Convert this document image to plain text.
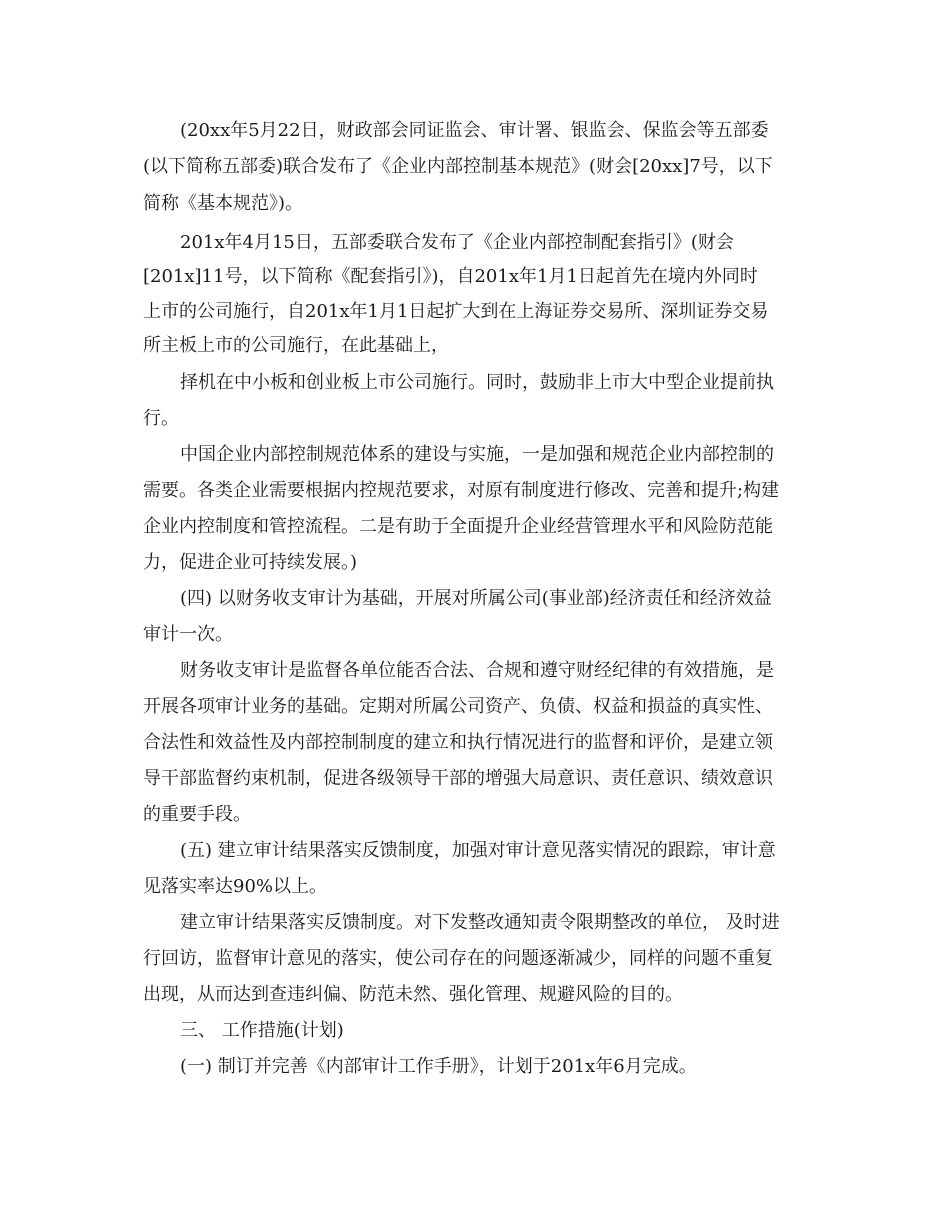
(20xx年5月22日，财政部会同证监会、审计署、银监会、保监会等五部委
(以下简称五部委)联合发布了《企业内部控制基本规范》(财会[20xx]7号，以下
简称《基本规范》)。
201x年4月15日，五部委联合发布了《企业内部控制配套指引》(财会
[201x]11号，以下简称《配套指引》)，自201x年1月1日起首先在境内外同时
上市的公司施行，自201x年1月1日起扩大到在上海证券交易所、深圳证券交易
所主板上市的公司施行，在此基础上，
择机在中小板和创业板上市公司施行。同时，鼓励非上市大中型企业提前执
行。
中国企业内部控制规范体系的建设与实施，一是加强和规范企业内部控制的
需要。各类企业需要根据内控规范要求，对原有制度进行修改、完善和提升;构建
企业内控制度和管控流程。二是有助于全面提升企业经营管理水平和风险防范能
力，促进企业可持续发展。)
(四) 以财务收支审计为基础，开展对所属公司(事业部)经济责任和经济效益
审计一次。
财务收支审计是监督各单位能否合法、合规和遵守财经纪律的有效措施，是
开展各项审计业务的基础。定期对所属公司资产、负债、权益和损益的真实性、
合法性和效益性及内部控制制度的建立和执行情况进行的监督和评价，是建立领
导干部监督约束机制，促进各级领导干部的增强大局意识、责任意识、绩效意识
的重要手段。
(五) 建立审计结果落实反馈制度，加强对审计意见落实情况的跟踪，审计意
见落实率达90%以上。
建立审计结果落实反馈制度。对下发整改通知责令限期整改的单位， 及时进
行回访，监督审计意见的落实，使公司存在的问题逐渐减少，同样的问题不重复
出现，从而达到查违纠偏、防范未然、强化管理、规避风险的目的。
三、 工作措施(计划)
(一) 制订并完善《内部审计工作手册》，计划于201x年6月完成。
